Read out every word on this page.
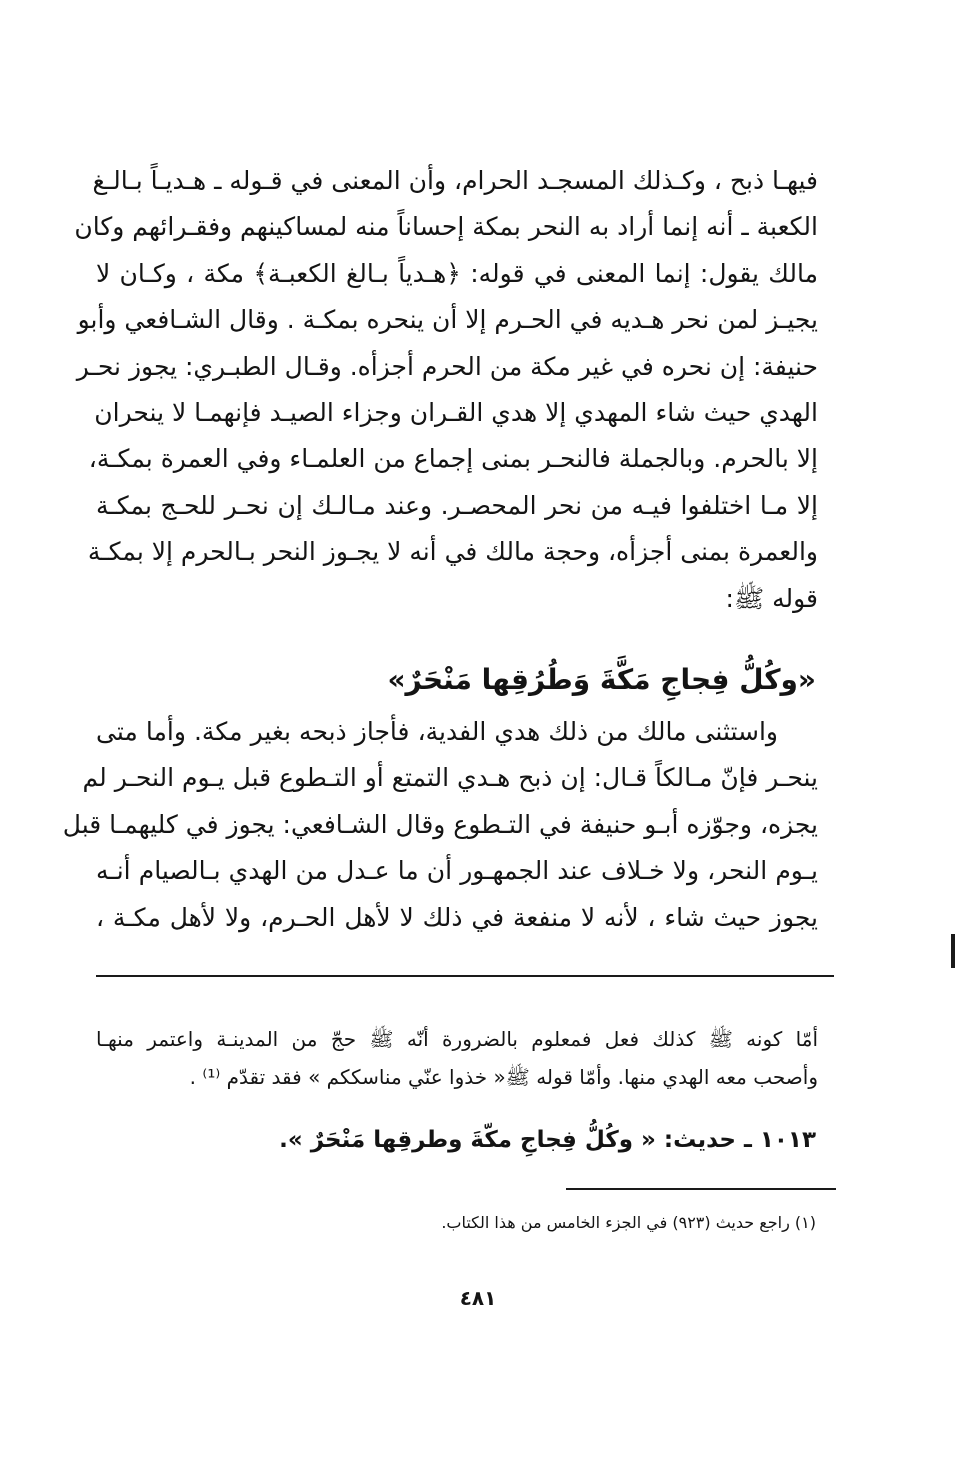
فيهـا ذبح ، وكـذلك المسجـد الحرام، وأن المعنى في قـوله ـ هـديـاً بـالـغ
الكعبة ـ أنه إنما أراد به النحر بمكة إحساناً منه لمساكينهم وفقـرائهم وكان
مالك يقول: إنما المعنى في قوله: ﴿هـدياً بـالغ الكعبـة﴾ مكة ، وكـان لا
يجيـز لمن نحر هـديه في الحـرم إلا أن ينحره بمكـة . وقال الشـافعي وأبو
حنيفة: إن نحره في غير مكة من الحرم أجزأه. وقـال الطبـري: يجوز نحـر
الهدي حيث شاء المهدي إلا هدي القـران وجزاء الصيـد فإنهمـا لا ينحران
إلا بالحرم. وبالجملة فالنحـر بمنى إجماع من العلمـاء وفي العمرة بمكـة،
إلا مـا اختلفوا فيـه من نحر المحصـر. وعند مـالـك إن نحـر للحـج بمكـة
والعمرة بمنى أجزأه، وحجة مالك في أنه لا يجـوز النحر بـالحرم إلا بمكـة
قوله ﷺ:

«وكُلُّ فِجاجِ مَكَّةَ وَطُرُقِها مَنْحَرٌ»

واستثنى مالك من ذلك هدي الفدية، فأجاز ذبحه بغير مكة. وأما متى
ينحـر فإنّ مـالكاً قـال: إن ذبح هـدي التمتع أو التـطوع قبل يـوم النحـر لم
يجزه، وجوّزه أبـو حنيفة في التـطوع وقال الشـافعي: يجوز في كليهمـا قبل
يـوم النحر، ولا خـلاف عند الجمهـور أن ما عـدل من الهدي بـالصيام أنـه
يجوز حيث شاء ، لأنه لا منفعة في ذلك لا لأهل الحـرم، ولا لأهل مكـة ،
أمّا كونه ﷺ كذلك فعل فمعلوم بالضرورة أنّه ﷺ حجّ من المدينـة واعتمر منهـا
وأصحب معه الهدي منها. وأمّا قوله ﷺ« خذوا عنّي مناسككم » فقد تقدّم ⁽¹⁾ .

١٠١٣ ـ حديث: « وكُلُّ فِجاجِ مكّةَ وطرقِها مَنْحَرٌ ».

(١) راجع حديث (٩٢٣) في الجزء الخامس من هذا الكتاب.

٤٨١
